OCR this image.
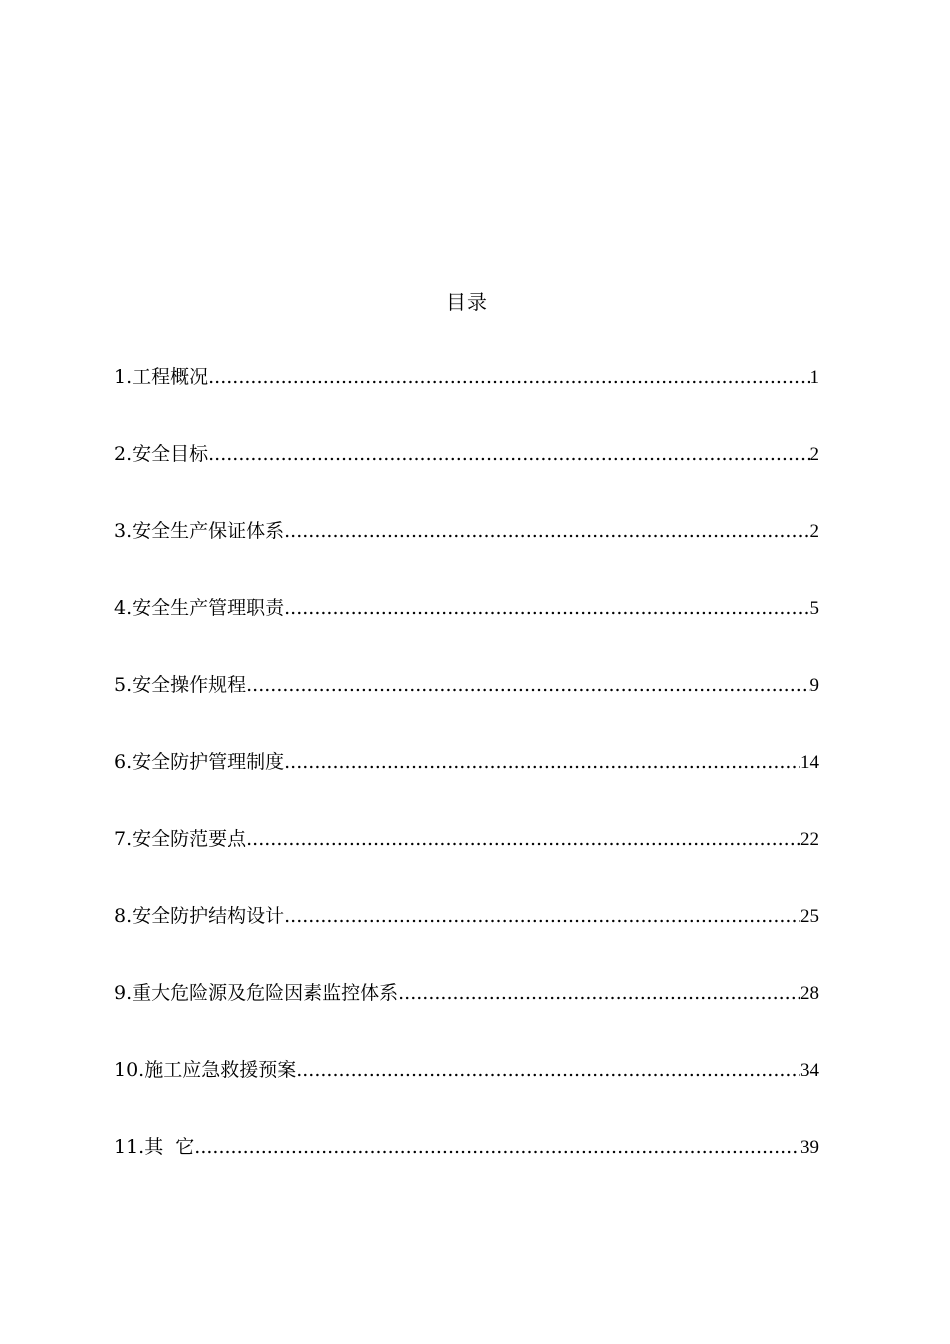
目录
1.工程概况 .....	1
2.安全目标 .....	2
3.安全生产保证体系 .....	2
4.安全生产管理职责 .....	5
5.安全操作规程 .....	9
6.安全防护管理制度 .....	14
7.安全防范要点 .....	22
8.安全防护结构设计 .....	25
9.重大危险源及危险因素监控体系 .....	28
10.施工应急救援预案 .....	34
11.其  它 .....	39
